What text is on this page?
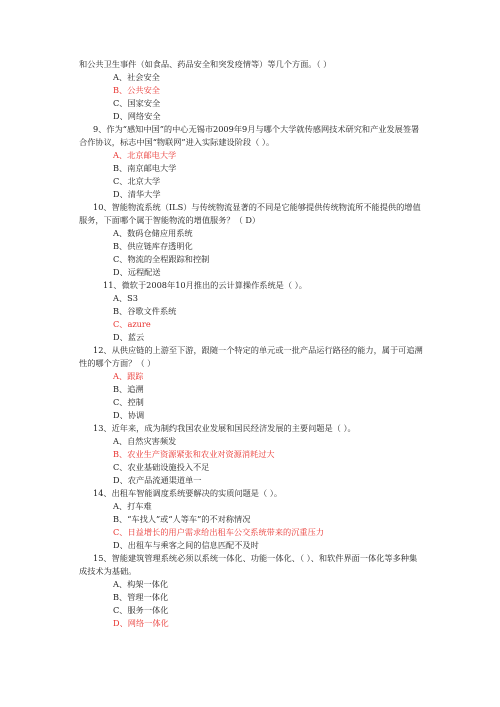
和公共卫生事件（如食品、药品安全和突发疫情等）等几个方面。（ ）

A、社会安全

B、公共安全

C、国家安全

D、网络安全

9、作为“感知中国”的中心无锡市2009年9月与哪个大学就传感网技术研究和产业发展签署合作协议，标志中国“物联网”进入实际建设阶段（ ）。

A、北京邮电大学

B、南京邮电大学

C、北京大学

D、清华大学

10、智能物流系统（ILS）与传统物流显著的不同是它能够提供传统物流所不能提供的增值服务，下面哪个属于智能物流的增值服务？（ D）

A、数码仓储应用系统

B、供应链库存透明化

C、物流的全程跟踪和控制

D、远程配送

11、微软于2008年10月推出的云计算操作系统是（ ）。

A、S3

B、谷歌文件系统

C、azure

D、蓝云

12、从供应链的上游至下游，跟随一个特定的单元或一批产品运行路径的能力，属于可追溯性的哪个方面？（ ）

A、跟踪

B、追溯

C、控制

D、协调

13、近年来，成为制约我国农业发展和国民经济发展的主要问题是（ ）。

A、自然灾害频发

B、农业生产资源紧张和农业对资源消耗过大

C、农业基础设施投入不足

D、农产品流通渠道单一

14、出租车智能调度系统要解决的实质问题是（ ）。

A、打车难

B、“车找人”或“人等车”的不对称情况

C、日益增长的用户需求给出租车公交系统带来的沉重压力

D、出租车与乘客之间的信息匹配不及时

15、智能建筑管理系统必须以系统一体化、功能一体化、（ ）、和软件界面一体化等多种集成技术为基础。

A、构架一体化

B、管理一体化

C、服务一体化

D、网络一体化
